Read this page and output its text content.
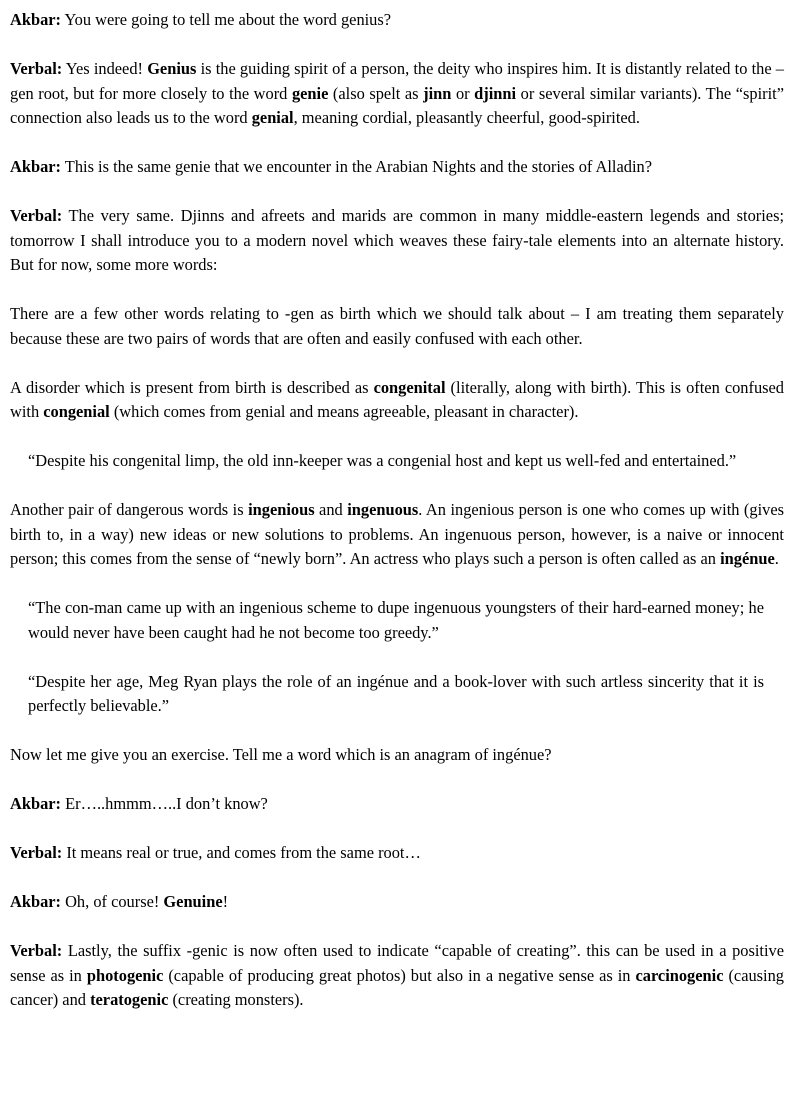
Akbar: You were going to tell me about the word genius?
Verbal: Yes indeed! Genius is the guiding spirit of a person, the deity who inspires him. It is distantly related to the –gen root, but for more closely to the word genie (also spelt as jinn or djinni or several similar variants). The “spirit” connection also leads us to the word genial, meaning cordial, pleasantly cheerful, good-spirited.
Akbar: This is the same genie that we encounter in the Arabian Nights and the stories of Alladin?
Verbal: The very same. Djinns and afreets and marids are common in many middle-eastern legends and stories; tomorrow I shall introduce you to a modern novel which weaves these fairy-tale elements into an alternate history. But for now, some more words:
There are a few other words relating to -gen as birth which we should talk about – I am treating them separately because these are two pairs of words that are often and easily confused with each other.
A disorder which is present from birth is described as congenital (literally, along with birth). This is often confused with congenial (which comes from genial and means agreeable, pleasant in character).
“Despite his congenital limp, the old inn-keeper was a congenial host and kept us well-fed and entertained.”
Another pair of dangerous words is ingenious and ingenuous. An ingenious person is one who comes up with (gives birth to, in a way) new ideas or new solutions to problems. An ingenuous person, however, is a naive or innocent person; this comes from the sense of “newly born”. An actress who plays such a person is often called as an ingénue.
“The con-man came up with an ingenious scheme to dupe ingenuous youngsters of their hard-earned money; he would never have been caught had he not become too greedy.”
“Despite her age, Meg Ryan plays the role of an ingénue and a book-lover with such artless sincerity that it is perfectly believable.”
Now let me give you an exercise. Tell me a word which is an anagram of ingénue?
Akbar: Er…..hmmm…..I don’t know?
Verbal: It means real or true, and comes from the same root…
Akbar: Oh, of course! Genuine!
Verbal: Lastly, the suffix -genic is now often used to indicate “capable of creating”. this can be used in a positive sense as in photogenic (capable of producing great photos) but also in a negative sense as in carcinogenic (causing cancer) and teratogenic (creating monsters).
